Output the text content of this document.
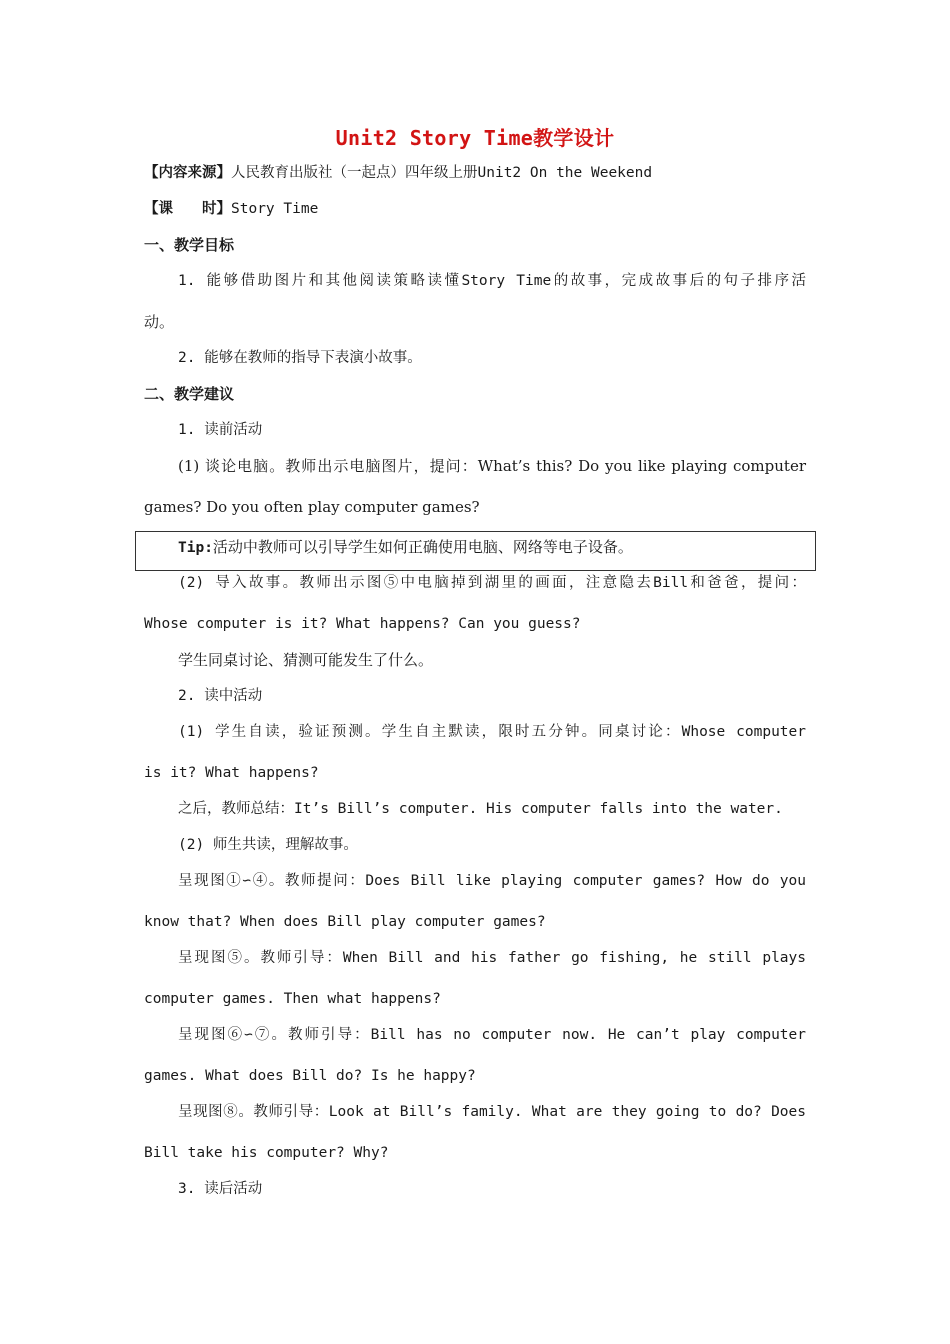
Unit2 Story Time教学设计
【内容来源】人民教育出版社（一起点）四年级上册Unit2 On the Weekend
【课　　时】Story Time
一、教学目标
1. 能够借助图片和其他阅读策略读懂Story Time的故事，完成故事后的句子排序活
动。
2. 能够在教师的指导下表演小故事。
二、教学建议
1. 读前活动
(1) 谈论电脑。教师出示电脑图片，提问：What’s this? Do you like playing computer
games? Do you often play computer games?
Tip:活动中教师可以引导学生如何正确使用电脑、网络等电子设备。
(2) 导入故事。教师出示图⑤中电脑掉到湖里的画面，注意隐去Bill和爸爸，提问：
Whose computer is it? What happens? Can you guess?
学生同桌讨论、猜测可能发生了什么。
2. 读中活动
(1) 学生自读，验证预测。学生自主默读，限时五分钟。同桌讨论：Whose computer
is it? What happens?
之后，教师总结：It’s Bill’s computer. His computer falls into the water.
(2) 师生共读，理解故事。
呈现图①∽④。教师提问：Does Bill like playing computer games? How do you
know that? When does Bill play computer games?
呈现图⑤。教师引导：When Bill and his father go fishing, he still plays
computer games. Then what happens?
呈现图⑥∽⑦。教师引导：Bill has no computer now. He can’t play computer
games. What does Bill do? Is he happy?
呈现图⑧。教师引导：Look at Bill’s family. What are they going to do? Does
Bill take his computer? Why?
3. 读后活动
